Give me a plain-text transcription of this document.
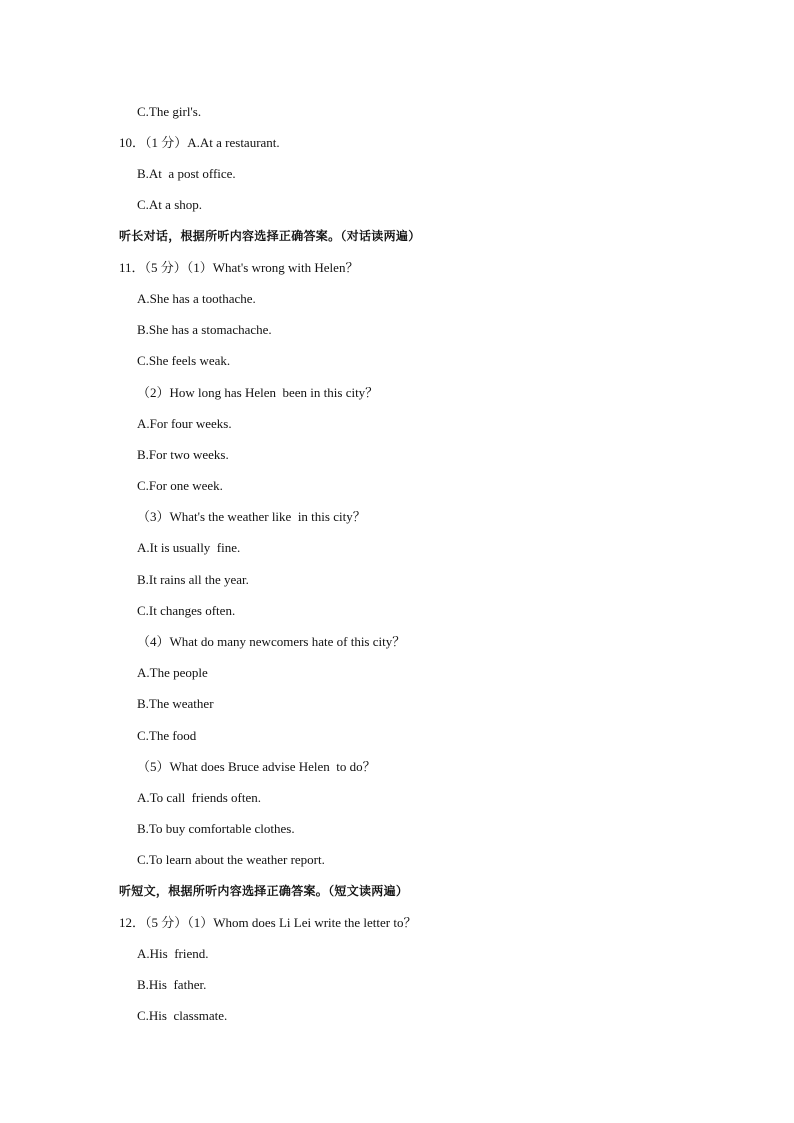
C.The girl's.
10．（1 分）A.At a restaurant.
B.At  a post office.
C.At a shop.
听长对话，根据所听内容选择正确答案。（对话读两遍）
11．（5 分）（1）What's wrong with Helen？
A.She has a toothache.
B.She has a stomachache.
C.She feels weak.
（2）How long has Helen  been in this city？
A.For four weeks.
B.For two weeks.
C.For one week.
（3）What's the weather like  in this city？
A.It is usually  fine.
B.It rains all the year.
C.It changes often.
（4）What do many newcomers hate of this city？
A.The people
B.The weather
C.The food
（5）What does Bruce advise Helen  to do？
A.To call  friends often.
B.To buy comfortable clothes.
C.To learn about the weather report.
听短文，根据所听内容选择正确答案。（短文读两遍）
12．（5 分）（1）Whom does Li Lei write the letter to？
A.His  friend.
B.His  father.
C.His  classmate.
